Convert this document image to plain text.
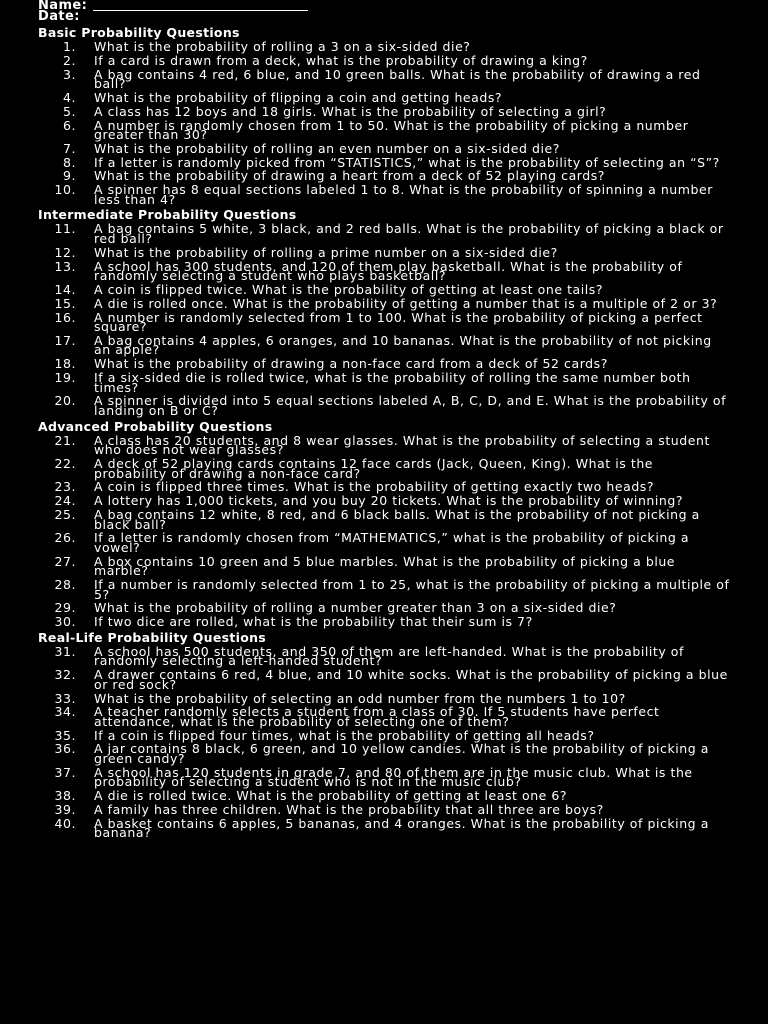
Name:
Date:
Basic Probability Questions
1.	What is the probability of rolling a 3 on a six-sided die?
2.	If a card is drawn from a deck, what is the probability of drawing a king?
3.	A bag contains 4 red, 6 blue, and 10 green balls. What is the probability of drawing a red ball?
4.	What is the probability of flipping a coin and getting heads?
5.	A class has 12 boys and 18 girls. What is the probability of selecting a girl?
6.	A number is randomly chosen from 1 to 50. What is the probability of picking a number greater than 30?
7.	What is the probability of rolling an even number on a six-sided die?
8.	If a letter is randomly picked from “STATISTICS,” what is the probability of selecting an “S”?
9.	What is the probability of drawing a heart from a deck of 52 playing cards?
10.	A spinner has 8 equal sections labeled 1 to 8. What is the probability of spinning a number less than 4?
Intermediate Probability Questions
11.	A bag contains 5 white, 3 black, and 2 red balls. What is the probability of picking a black or red ball?
12.	What is the probability of rolling a prime number on a six-sided die?
13.	A school has 300 students, and 120 of them play basketball. What is the probability of randomly selecting a student who plays basketball?
14.	A coin is flipped twice. What is the probability of getting at least one tails?
15.	A die is rolled once. What is the probability of getting a number that is a multiple of 2 or 3?
16.	A number is randomly selected from 1 to 100. What is the probability of picking a perfect square?
17.	A bag contains 4 apples, 6 oranges, and 10 bananas. What is the probability of not picking an apple?
18.	What is the probability of drawing a non-face card from a deck of 52 cards?
19.	If a six-sided die is rolled twice, what is the probability of rolling the same number both times?
20.	A spinner is divided into 5 equal sections labeled A, B, C, D, and E. What is the probability of landing on B or C?
Advanced Probability Questions
21.	A class has 20 students, and 8 wear glasses. What is the probability of selecting a student who does not wear glasses?
22.	A deck of 52 playing cards contains 12 face cards (Jack, Queen, King). What is the probability of drawing a non-face card?
23.	A coin is flipped three times. What is the probability of getting exactly two heads?
24.	A lottery has 1,000 tickets, and you buy 20 tickets. What is the probability of winning?
25.	A bag contains 12 white, 8 red, and 6 black balls. What is the probability of not picking a black ball?
26.	If a letter is randomly chosen from “MATHEMATICS,” what is the probability of picking a vowel?
27.	A box contains 10 green and 5 blue marbles. What is the probability of picking a blue marble?
28.	If a number is randomly selected from 1 to 25, what is the probability of picking a multiple of 5?
29.	What is the probability of rolling a number greater than 3 on a six-sided die?
30.	If two dice are rolled, what is the probability that their sum is 7?
Real-Life Probability Questions
31.	A school has 500 students, and 350 of them are left-handed. What is the probability of randomly selecting a left-handed student?
32.	A drawer contains 6 red, 4 blue, and 10 white socks. What is the probability of picking a blue or red sock?
33.	What is the probability of selecting an odd number from the numbers 1 to 10?
34.	A teacher randomly selects a student from a class of 30. If 5 students have perfect attendance, what is the probability of selecting one of them?
35.	If a coin is flipped four times, what is the probability of getting all heads?
36.	A jar contains 8 black, 6 green, and 10 yellow candies. What is the probability of picking a green candy?
37.	A school has 120 students in grade 7, and 80 of them are in the music club. What is the probability of selecting a student who is not in the music club?
38.	A die is rolled twice. What is the probability of getting at least one 6?
39.	A family has three children. What is the probability that all three are boys?
40.	A basket contains 6 apples, 5 bananas, and 4 oranges. What is the probability of picking a banana?
